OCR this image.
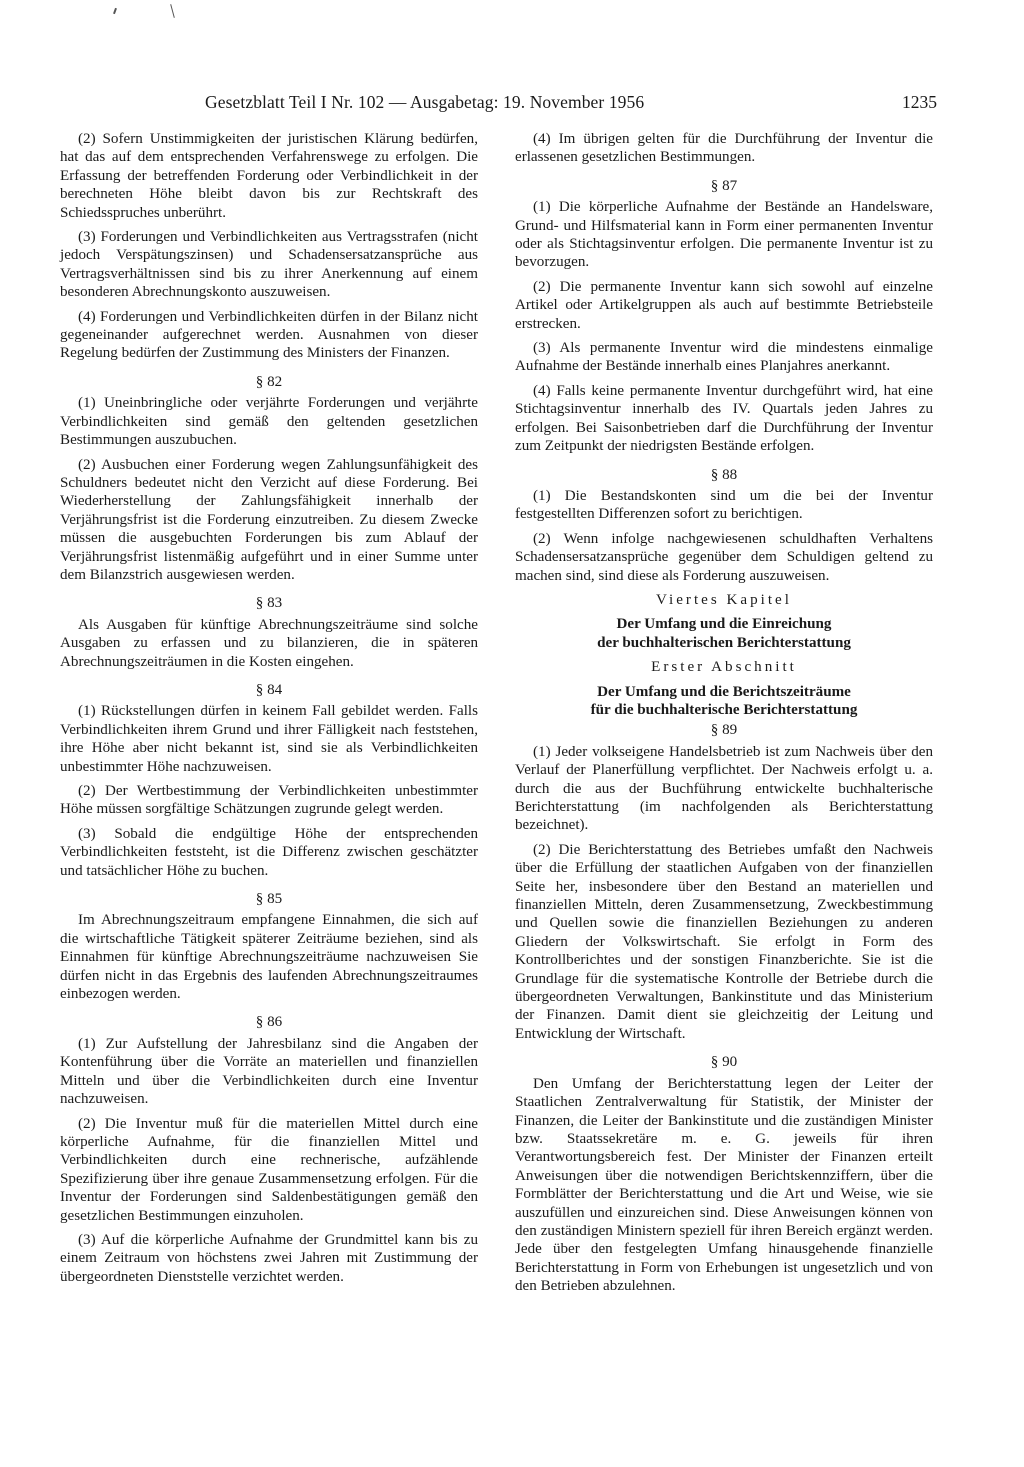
Gesetzblatt Teil I Nr. 102 — Ausgabetag: 19. November 1956	1235

(2) Sofern Unstimmigkeiten der juristischen Klärung bedürfen, hat das auf dem entsprechenden Verfahrenswege zu erfolgen. Die Erfassung der betreffenden Forderung oder Verbindlichkeit in der berechneten Höhe bleibt davon bis zur Rechtskraft des Schiedsspruches unberührt.

(3) Forderungen und Verbindlichkeiten aus Vertragsstrafen (nicht jedoch Verspätungszinsen) und Schadensersatzansprüche aus Vertragsverhältnissen sind bis zu ihrer Anerkennung auf einem besonderen Abrechnungskonto auszuweisen.

(4) Forderungen und Verbindlichkeiten dürfen in der Bilanz nicht gegeneinander aufgerechnet werden. Ausnahmen von dieser Regelung bedürfen der Zustimmung des Ministers der Finanzen.

§ 82

(1) Uneinbringliche oder verjährte Forderungen und verjährte Verbindlichkeiten sind gemäß den geltenden gesetzlichen Bestimmungen auszubuchen.

(2) Ausbuchen einer Forderung wegen Zahlungsunfähigkeit des Schuldners bedeutet nicht den Verzicht auf diese Forderung. Bei Wiederherstellung der Zahlungsfähigkeit innerhalb der Verjährungsfrist ist die Forderung einzutreiben. Zu diesem Zwecke müssen die ausgebuchten Forderungen bis zum Ablauf der Verjährungsfrist listenmäßig aufgeführt und in einer Summe unter dem Bilanzstrich ausgewiesen werden.

§ 83

Als Ausgaben für künftige Abrechnungszeiträume sind solche Ausgaben zu erfassen und zu bilanzieren, die in späteren Abrechnungszeiträumen in die Kosten eingehen.

§ 84

(1) Rückstellungen dürfen in keinem Fall gebildet werden. Falls Verbindlichkeiten ihrem Grund und ihrer Fälligkeit nach feststehen, ihre Höhe aber nicht bekannt ist, sind sie als Verbindlichkeiten unbestimmter Höhe nachzuweisen.

(2) Der Wertbestimmung der Verbindlichkeiten unbestimmter Höhe müssen sorgfältige Schätzungen zugrunde gelegt werden.

(3) Sobald die endgültige Höhe der entsprechenden Verbindlichkeiten feststeht, ist die Differenz zwischen geschätzter und tatsächlicher Höhe zu buchen.

§ 85

Im Abrechnungszeitraum empfangene Einnahmen, die sich auf die wirtschaftliche Tätigkeit späterer Zeiträume beziehen, sind als Einnahmen für künftige Abrechnungszeiträume nachzuweisen Sie dürfen nicht in das Ergebnis des laufenden Abrechnungszeitraumes einbezogen werden.

§ 86

(1) Zur Aufstellung der Jahresbilanz sind die Angaben der Kontenführung über die Vorräte an materiellen und finanziellen Mitteln und über die Verbindlichkeiten durch eine Inventur nachzuweisen.

(2) Die Inventur muß für die materiellen Mittel durch eine körperliche Aufnahme, für die finanziellen Mittel und Verbindlichkeiten durch eine rechnerische, aufzählende Spezifizierung über ihre genaue Zusammensetzung erfolgen. Für die Inventur der Forderungen sind Saldenbestätigungen gemäß den gesetzlichen Bestimmungen einzuholen.

(3) Auf die körperliche Aufnahme der Grundmittel kann bis zu einem Zeitraum von höchstens zwei Jahren mit Zustimmung der übergeordneten Dienststelle verzichtet werden.

(4) Im übrigen gelten für die Durchführung der Inventur die erlassenen gesetzlichen Bestimmungen.

§ 87

(1) Die körperliche Aufnahme der Bestände an Handelsware, Grund- und Hilfsmaterial kann in Form einer permanenten Inventur oder als Stichtagsinventur erfolgen. Die permanente Inventur ist zu bevorzugen.

(2) Die permanente Inventur kann sich sowohl auf einzelne Artikel oder Artikelgruppen als auch auf bestimmte Betriebsteile erstrecken.

(3) Als permanente Inventur wird die mindestens einmalige Aufnahme der Bestände innerhalb eines Planjahres anerkannt.

(4) Falls keine permanente Inventur durchgeführt wird, hat eine Stichtagsinventur innerhalb des IV. Quartals jeden Jahres zu erfolgen. Bei Saisonbetrieben darf die Durchführung der Inventur zum Zeitpunkt der niedrigsten Bestände erfolgen.

§ 88

(1) Die Bestandskonten sind um die bei der Inventur festgestellten Differenzen sofort zu berichtigen.

(2) Wenn infolge nachgewiesenen schuldhaften Verhaltens Schadensersatzansprüche gegenüber dem Schuldigen geltend zu machen sind, sind diese als Forderung auszuweisen.

Viertes Kapitel

Der Umfang und die Einreichung
der buchhalterischen Berichterstattung

Erster Abschnitt

Der Umfang und die Berichtszeiträume
für die buchhalterische Berichterstattung

§ 89

(1) Jeder volkseigene Handelsbetrieb ist zum Nachweis über den Verlauf der Planerfüllung verpflichtet. Der Nachweis erfolgt u. a. durch die aus der Buchführung entwickelte buchhalterische Berichterstattung (im nachfolgenden als Berichterstattung bezeichnet).

(2) Die Berichterstattung des Betriebes umfaßt den Nachweis über die Erfüllung der staatlichen Aufgaben von der finanziellen Seite her, insbesondere über den Bestand an materiellen und finanziellen Mitteln, deren Zusammensetzung, Zweckbestimmung und Quellen sowie die finanziellen Beziehungen zu anderen Gliedern der Volkswirtschaft. Sie erfolgt in Form des Kontrollberichtes und der sonstigen Finanzberichte. Sie ist die Grundlage für die systematische Kontrolle der Betriebe durch die übergeordneten Verwaltungen, Bankinstitute und das Ministerium der Finanzen. Damit dient sie gleichzeitig der Leitung und Entwicklung der Wirtschaft.

§ 90

Den Umfang der Berichterstattung legen der Leiter der Staatlichen Zentralverwaltung für Statistik, der Minister der Finanzen, die Leiter der Bankinstitute und die zuständigen Minister bzw. Staatssekretäre m. e. G. jeweils für ihren Verantwortungsbereich fest. Der Minister der Finanzen erteilt Anweisungen über die notwendigen Berichtskennziffern, über die Formblätter der Berichterstattung und die Art und Weise, wie sie auszufüllen und einzureichen sind. Diese Anweisungen können von den zuständigen Ministern speziell für ihren Bereich ergänzt werden. Jede über den festgelegten Umfang hinausgehende finanzielle Berichterstattung in Form von Erhebungen ist ungesetzlich und von den Betrieben abzulehnen.
